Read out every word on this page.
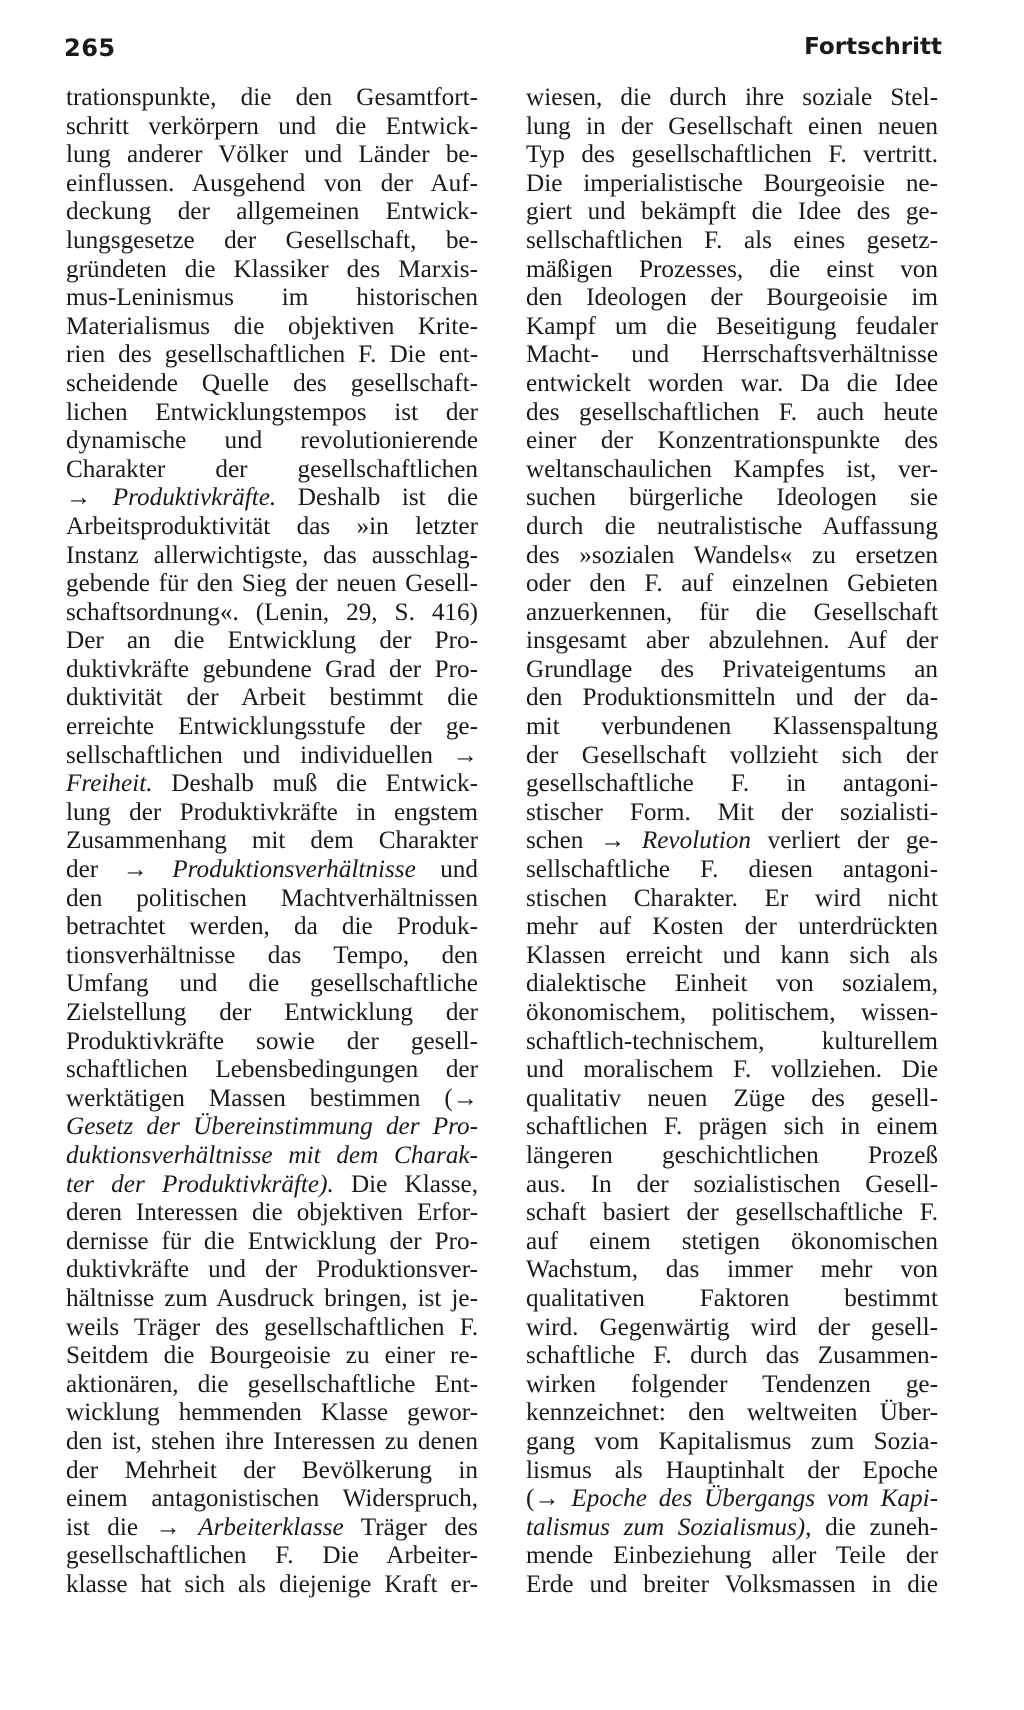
265	Fortschritt
trationspunkte, die den Gesamtfort-
schritt verkörpern und die Entwick-
lung anderer Völker und Länder be-
einflussen. Ausgehend von der Auf-
deckung der allgemeinen Entwick-
lungsgesetze der Gesellschaft, be-
gründeten die Klassiker des Marxis-
mus-Leninismus im historischen
Materialismus die objektiven Krite-
rien des gesellschaftlichen F. Die ent-
scheidende Quelle des gesellschaft-
lichen Entwicklungstempos ist der
dynamische und revolutionierende
Charakter der gesellschaftlichen
→ Produktivkräfte. Deshalb ist die
Arbeitsproduktivität das »in letzter
Instanz allerwichtigste, das ausschlag-
gebende für den Sieg der neuen Gesell-
schaftsordnung«. (Lenin, 29, S. 416)
Der an die Entwicklung der Pro-
duktivkräfte gebundene Grad der Pro-
duktivität der Arbeit bestimmt die
erreichte Entwicklungsstufe der ge-
sellschaftlichen und individuellen →
Freiheit. Deshalb muß die Entwick-
lung der Produktivkräfte in engstem
Zusammenhang mit dem Charakter
der → Produktionsverhältnisse und
den politischen Machtverhältnissen
betrachtet werden, da die Produk-
tionsverhältnisse das Tempo, den
Umfang und die gesellschaftliche
Zielstellung der Entwicklung der
Produktivkräfte sowie der gesell-
schaftlichen Lebensbedingungen der
werktätigen Massen bestimmen (→
Gesetz der Übereinstimmung der Pro-
duktionsverhältnisse mit dem Charak-
ter der Produktivkräfte). Die Klasse,
deren Interessen die objektiven Erfor-
dernisse für die Entwicklung der Pro-
duktivkräfte und der Produktionsver-
hältnisse zum Ausdruck bringen, ist je-
weils Träger des gesellschaftlichen F.
Seitdem die Bourgeoisie zu einer re-
aktionären, die gesellschaftliche Ent-
wicklung hemmenden Klasse gewor-
den ist, stehen ihre Interessen zu denen
der Mehrheit der Bevölkerung in
einem antagonistischen Widerspruch,
ist die → Arbeiterklasse Träger des
gesellschaftlichen F. Die Arbeiter-
klasse hat sich als diejenige Kraft er-
wiesen, die durch ihre soziale Stel-
lung in der Gesellschaft einen neuen
Typ des gesellschaftlichen F. vertritt.
Die imperialistische Bourgeoisie ne-
giert und bekämpft die Idee des ge-
sellschaftlichen F. als eines gesetz-
mäßigen Prozesses, die einst von
den Ideologen der Bourgeoisie im
Kampf um die Beseitigung feudaler
Macht- und Herrschaftsverhältnisse
entwickelt worden war. Da die Idee
des gesellschaftlichen F. auch heute
einer der Konzentrationspunkte des
weltanschaulichen Kampfes ist, ver-
suchen bürgerliche Ideologen sie
durch die neutralistische Auffassung
des »sozialen Wandels« zu ersetzen
oder den F. auf einzelnen Gebieten
anzuerkennen, für die Gesellschaft
insgesamt aber abzulehnen. Auf der
Grundlage des Privateigentums an
den Produktionsmitteln und der da-
mit verbundenen Klassenspaltung
der Gesellschaft vollzieht sich der
gesellschaftliche F. in antagoni-
stischer Form. Mit der sozialisti-
schen → Revolution verliert der ge-
sellschaftliche F. diesen antagoni-
stischen Charakter. Er wird nicht
mehr auf Kosten der unterdrückten
Klassen erreicht und kann sich als
dialektische Einheit von sozialem,
ökonomischem, politischem, wissen-
schaftlich-technischem, kulturellem
und moralischem F. vollziehen. Die
qualitativ neuen Züge des gesell-
schaftlichen F. prägen sich in einem
längeren geschichtlichen Prozeß
aus. In der sozialistischen Gesell-
schaft basiert der gesellschaftliche F.
auf einem stetigen ökonomischen
Wachstum, das immer mehr von
qualitativen Faktoren bestimmt
wird. Gegenwärtig wird der gesell-
schaftliche F. durch das Zusammen-
wirken folgender Tendenzen ge-
kennzeichnet: den weltweiten Über-
gang vom Kapitalismus zum Sozia-
lismus als Hauptinhalt der Epoche
(→ Epoche des Übergangs vom Kapi-
talismus zum Sozialismus), die zuneh-
mende Einbeziehung aller Teile der
Erde und breiter Volksmassen in die
